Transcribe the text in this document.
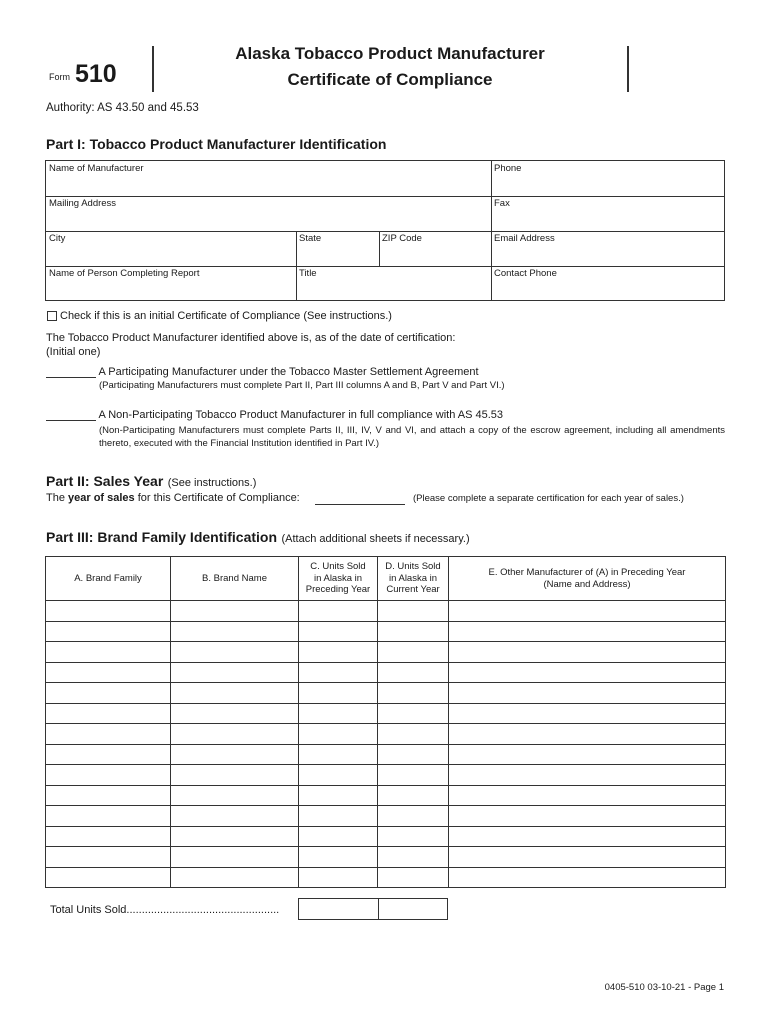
Form 510
Alaska Tobacco Product Manufacturer
Certificate of Compliance
Authority: AS 43.50 and 45.53
Part I: Tobacco Product Manufacturer Identification
Name of Manufacturer	Phone
Mailing Address	Fax
City	State	ZIP Code	Email Address
Name of Person Completing Report	Title	Contact Phone
Check if this is an initial Certificate of Compliance (See instructions.)
The Tobacco Product Manufacturer identified above is, as of the date of certification:
(Initial one)
A Participating Manufacturer under the Tobacco Master Settlement Agreement
(Participating Manufacturers must complete Part II, Part III columns A and B, Part V and Part VI.)
A Non-Participating Tobacco Product Manufacturer in full compliance with AS 45.53
(Non-Participating Manufacturers must complete Parts II, III, IV, V and VI, and attach a copy of the escrow agreement, including all amendments thereto, executed with the Financial Institution identified in Part IV.)
Part II: Sales Year (See instructions.)
The year of sales for this Certificate of Compliance:	(Please complete a separate certification for each year of sales.)
Part III: Brand Family Identification (Attach additional sheets if necessary.)
A. Brand Family	B. Brand Name	C. Units Sold
in Alaska in
Preceding Year	D. Units Sold
in Alaska in
Current Year	E. Other Manufacturer of (A) in Preceding Year
(Name and Address)

Total Units Sold..................................................
0405-510 03-10-21 - Page 1
